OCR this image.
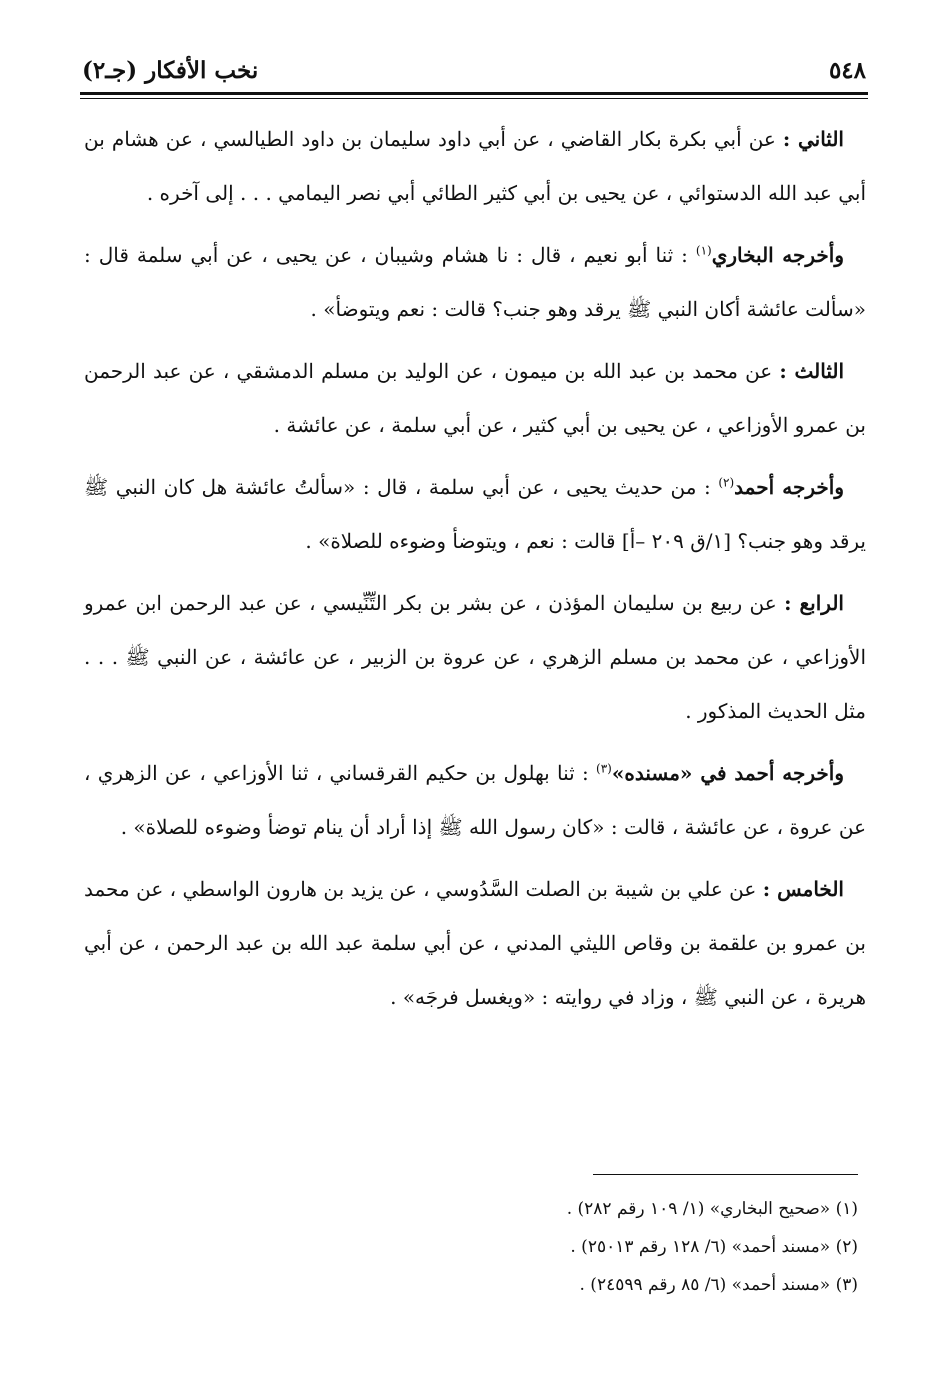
٥٤٨
نخب الأفكار (جـ٢)

الثاني : عن أبي بكرة بكار القاضي ، عن أبي داود سليمان بن داود الطيالسي ، عن هشام بن أبي عبد الله الدستوائي ، عن يحيى بن أبي كثير الطائي أبي نصر اليمامي . . . إلى آخره .

وأخرجه البخاري$^{(١)}$ : ثنا أبو نعيم ، قال : نا هشام وشيبان ، عن يحيى ، عن أبي سلمة قال : «سألت عائشة أكان النبي ﷺ يرقد وهو جنب؟ قالت : نعم ويتوضأ» .

الثالث : عن محمد بن عبد الله بن ميمون ، عن الوليد بن مسلم الدمشقي ، عن عبد الرحمن بن عمرو الأوزاعي ، عن يحيى بن أبي كثير ، عن أبي سلمة ، عن عائشة .

وأخرجه أحمد$^{(٢)}$ : من حديث يحيى ، عن أبي سلمة ، قال : «سألتُ عائشة هل كان النبي ﷺ يرقد وهو جنب؟ [١/ق ٢٠٩ –أ] قالت : نعم ، ويتوضأ وضوءه للصلاة» .

الرابع : عن ربيع بن سليمان المؤذن ، عن بشر بن بكر التِّنِّيسي ، عن عبد الرحمن ابن عمرو الأوزاعي ، عن محمد بن مسلم الزهري ، عن عروة بن الزبير ، عن عائشة ، عن النبي ﷺ . . . مثل الحديث المذكور .

وأخرجه أحمد في «مسنده»$^{(٣)}$ : ثنا بهلول بن حكيم القرقساني ، ثنا الأوزاعي ، عن الزهري ، عن عروة ، عن عائشة ، قالت : «كان رسول الله ﷺ إذا أراد أن ينام توضأ وضوءه للصلاة» .

الخامس : عن علي بن شيبة بن الصلت السَّدُوسي ، عن يزيد بن هارون الواسطي ، عن محمد بن عمرو بن علقمة بن وقاص الليثي المدني ، عن أبي سلمة عبد الله بن عبد الرحمن ، عن أبي هريرة ، عن النبي ﷺ ، وزاد في روايته : «ويغسل فرجَه» .

(١) «صحيح البخاري» (١/ ١٠٩ رقم ٢٨٢) .

(٢) «مسند أحمد» (٦/ ١٢٨ رقم ٢٥٠١٣) .

(٣) «مسند أحمد» (٦/ ٨٥ رقم ٢٤٥٩٩) .
